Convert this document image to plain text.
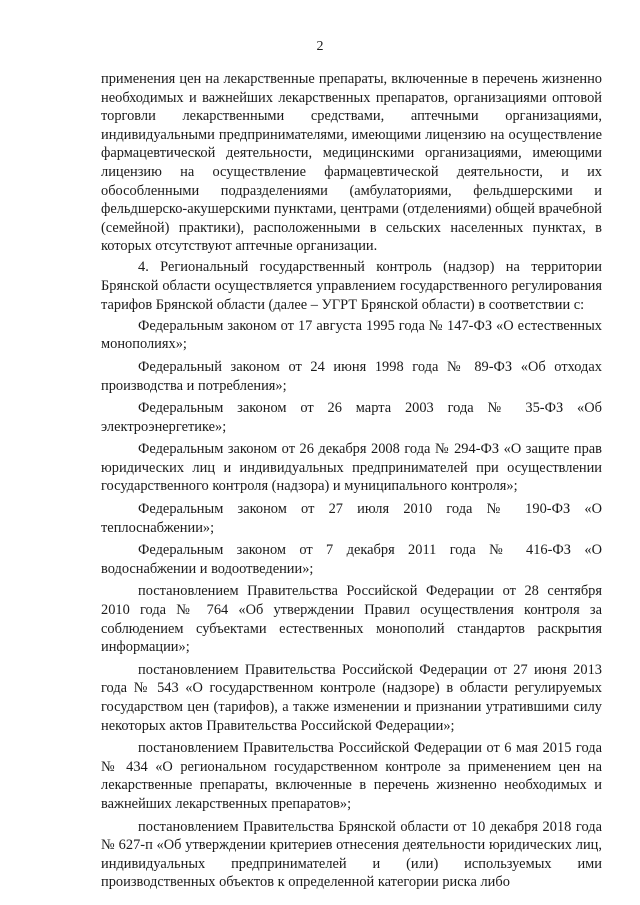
2

применения цен на лекарственные препараты, включенные в перечень жизненно необходимых и важнейших лекарственных препаратов, организациями оптовой торговли лекарственными средствами, аптечными организациями, индивидуальными предпринимателями, имеющими лицензию на осуществление фармацевтической деятельности, медицинскими организациями, имеющими лицензию на осуществление фармацевтической деятельности, и их обособленными подразделениями (амбулаториями, фельдшерскими и фельдшерско-акушерскими пунктами, центрами (отделениями) общей врачебной (семейной) практики), расположенными в сельских населенных пунктах, в которых отсутствуют аптечные организации.

4. Региональный государственный контроль (надзор) на территории Брянской области осуществляется управлением государственного регулирования тарифов Брянской области (далее – УГРТ Брянской области) в соответствии с:

Федеральным законом от 17 августа 1995 года № 147-ФЗ «О естественных монополиях»;

Федеральный законом от 24 июня 1998 года № 89-ФЗ «Об отходах производства и потребления»;

Федеральным законом от 26 марта 2003 года № 35-ФЗ «Об электроэнергетике»;

Федеральным законом от 26 декабря 2008 года № 294-ФЗ «О защите прав юридических лиц и индивидуальных предпринимателей при осуществлении государственного контроля (надзора) и муниципального контроля»;

Федеральным законом от 27 июля 2010 года № 190-ФЗ «О теплоснабжении»;

Федеральным законом от 7 декабря 2011 года № 416-ФЗ «О водоснабжении и водоотведении»;

постановлением Правительства Российской Федерации от 28 сентября 2010 года № 764 «Об утверждении Правил осуществления контроля за соблюдением субъектами естественных монополий стандартов раскрытия информации»;

постановлением Правительства Российской Федерации от 27 июня 2013 года № 543 «О государственном контроле (надзоре) в области регулируемых государством цен (тарифов), а также изменении и признании утратившими силу некоторых актов Правительства Российской Федерации»;

постановлением Правительства Российской Федерации от 6 мая 2015 года № 434 «О региональном государственном контроле за применением цен на лекарственные препараты, включенные в перечень жизненно необходимых и важнейших лекарственных препаратов»;

постановлением Правительства Брянской области от 10 декабря 2018 года № 627-п «Об утверждении критериев отнесения деятельности юридических лиц, индивидуальных предпринимателей и (или) используемых ими производственных объектов к определенной категории риска либо
